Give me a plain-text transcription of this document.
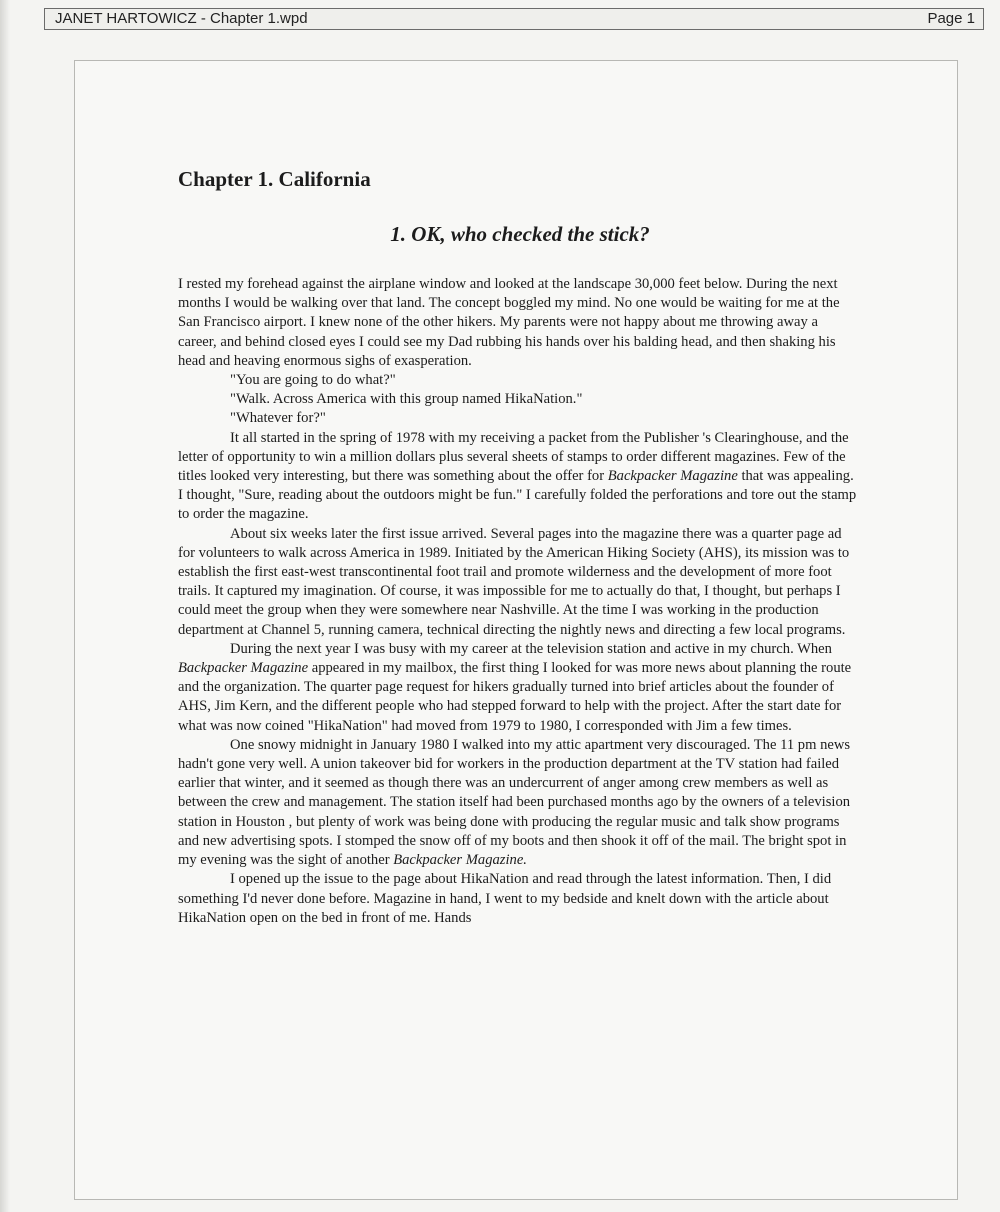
JANET HARTOWICZ - Chapter 1.wpd	Page 1
Chapter 1. California
1. OK, who checked the stick?

I rested my forehead against the airplane window and looked at the landscape 30,000 feet below. During the next months I would be walking over that land. The concept boggled my mind. No one would be waiting for me at the San Francisco airport. I knew none of the other hikers. My parents were not happy about me throwing away a career, and behind closed eyes I could see my Dad rubbing his hands over his balding head, and then shaking his head and heaving enormous sighs of exasperation.

"You are going to do what?"

"Walk. Across America with this group named HikaNation."

"Whatever for?"

It all started in the spring of 1978 with my receiving a packet from the Publisher 's Clearinghouse, and the letter of opportunity to win a million dollars plus several sheets of stamps to order different magazines. Few of the titles looked very interesting, but there was something about the offer for Backpacker Magazine that was appealing. I thought, "Sure, reading about the outdoors might be fun." I carefully folded the perforations and tore out the stamp to order the magazine.

About six weeks later the first issue arrived. Several pages into the magazine there was a quarter page ad for volunteers to walk across America in 1989. Initiated by the American Hiking Society (AHS), its mission was to establish the first east-west transcontinental foot trail and promote wilderness and the development of more foot trails. It captured my imagination. Of course, it was impossible for me to actually do that, I thought, but perhaps I could meet the group when they were somewhere near Nashville. At the time I was working in the production department at Channel 5, running camera, technical directing the nightly news and directing a few local programs.

During the next year I was busy with my career at the television station and active in my church. When Backpacker Magazine appeared in my mailbox, the first thing I looked for was more news about planning the route and the organization. The quarter page request for hikers gradually turned into brief articles about the founder of AHS, Jim Kern, and the different people who had stepped forward to help with the project. After the start date for what was now coined "HikaNation" had moved from 1979 to 1980, I corresponded with Jim a few times.

One snowy midnight in January 1980 I walked into my attic apartment very discouraged. The 11 pm news hadn't gone very well. A union takeover bid for workers in the production department at the TV station had failed earlier that winter, and it seemed as though there was an undercurrent of anger among crew members as well as between the crew and management. The station itself had been purchased months ago by the owners of a television station in Houston , but plenty of work was being done with producing the regular music and talk show programs and new advertising spots. I stomped the snow off of my boots and then shook it off of the mail. The bright spot in my evening was the sight of another Backpacker Magazine.

I opened up the issue to the page about HikaNation and read through the latest information. Then, I did something I'd never done before. Magazine in hand, I went to my bedside and knelt down with the article about HikaNation open on the bed in front of me. Hands
